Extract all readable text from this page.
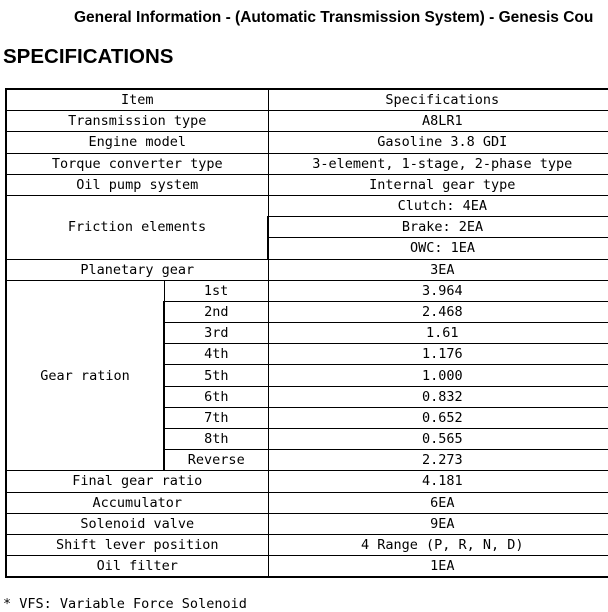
General Information - (Automatic Transmission System) - Genesis Cou
SPECIFICATIONS
Item		Specifications
Transmission type		A8LR1
Engine model		Gasoline 3.8 GDI
Torque converter type		3-element, 1-stage, 2-phase type
Oil pump system		Internal gear type
Friction elements		Clutch: 4EA
		Brake: 2EA
		OWC: 1EA
Planetary gear		3EA
Gear ration	1st	3.964
	2nd	2.468
	3rd	1.61
	4th	1.176
	5th	1.000
	6th	0.832
	7th	0.652
	8th	0.565
	Reverse	2.273
Final gear ratio		4.181
Accumulator		6EA
Solenoid valve		9EA
Shift lever position		4 Range (P, R, N, D)
Oil filter		1EA
* VFS: Variable Force Solenoid
